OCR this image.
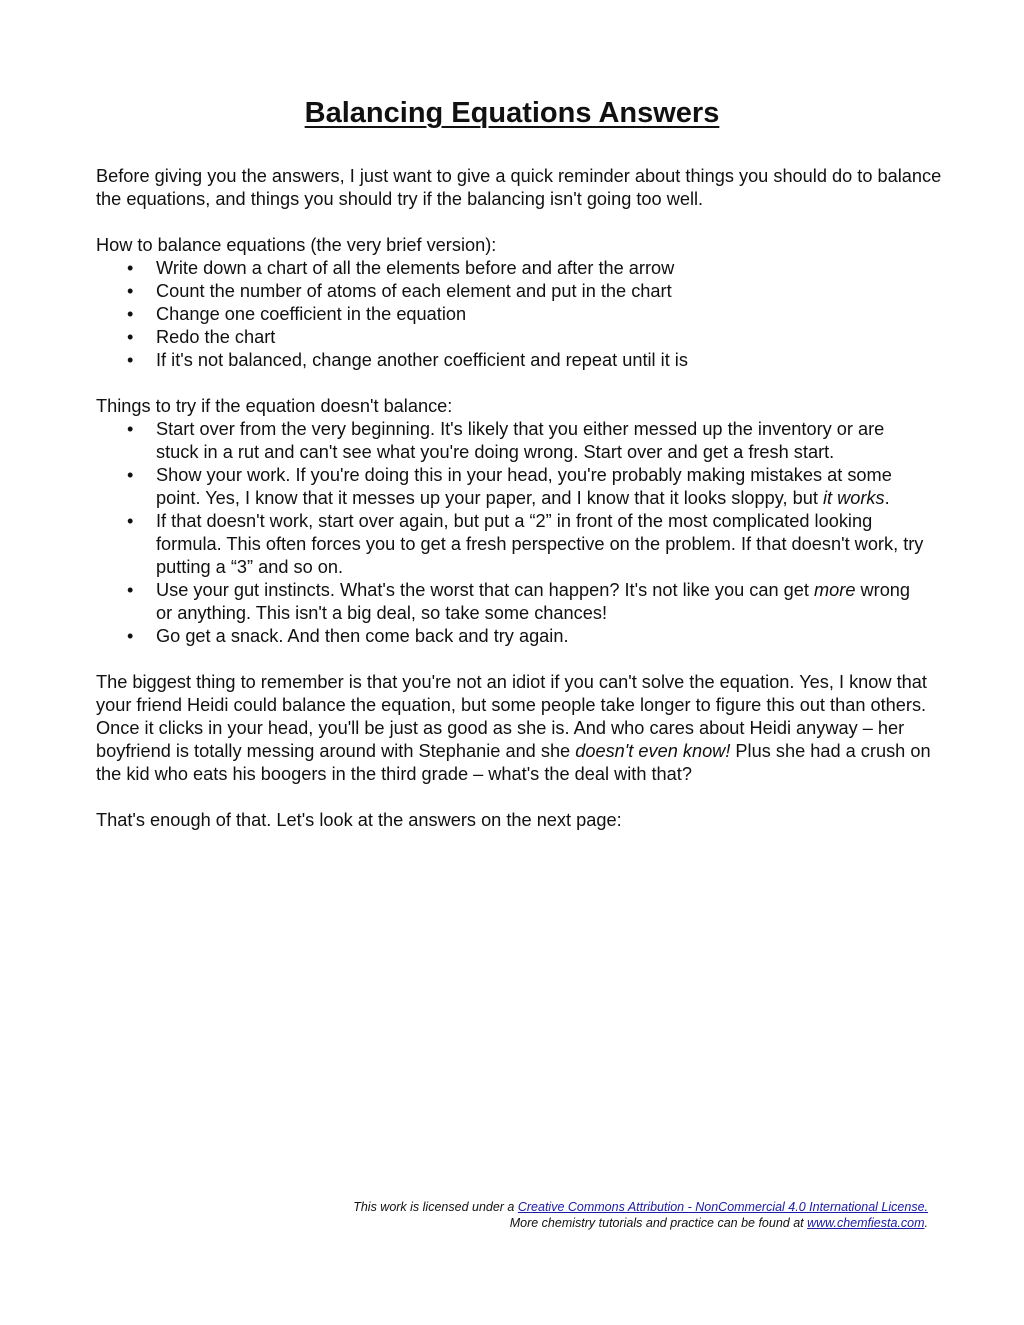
Balancing Equations Answers

Before giving you the answers, I just want to give a quick reminder about things you should do to balance the equations, and things you should try if the balancing isn't going too well.

How to balance equations (the very brief version):

• Write down a chart of all the elements before and after the arrow
• Count the number of atoms of each element and put in the chart
• Change one coefficient in the equation
• Redo the chart
• If it's not balanced, change another coefficient and repeat until it is

Things to try if the equation doesn't balance:

• Start over from the very beginning. It's likely that you either messed up the inventory or are stuck in a rut and can't see what you're doing wrong. Start over and get a fresh start.
• Show your work. If you're doing this in your head, you're probably making mistakes at some point. Yes, I know that it messes up your paper, and I know that it looks sloppy, but it works.
• If that doesn't work, start over again, but put a “2” in front of the most complicated looking formula. This often forces you to get a fresh perspective on the problem. If that doesn't work, try putting a “3” and so on.
• Use your gut instincts. What's the worst that can happen? It's not like you can get more wrong or anything. This isn't a big deal, so take some chances!
• Go get a snack. And then come back and try again.

The biggest thing to remember is that you're not an idiot if you can't solve the equation. Yes, I know that your friend Heidi could balance the equation, but some people take longer to figure this out than others. Once it clicks in your head, you'll be just as good as she is. And who cares about Heidi anyway – her boyfriend is totally messing around with Stephanie and she doesn't even know! Plus she had a crush on the kid who eats his boogers in the third grade – what's the deal with that?

That's enough of that. Let's look at the answers on the next page:

This work is licensed under a Creative Commons Attribution - NonCommercial 4.0 International License.
More chemistry tutorials and practice can be found at www.chemfiesta.com.
